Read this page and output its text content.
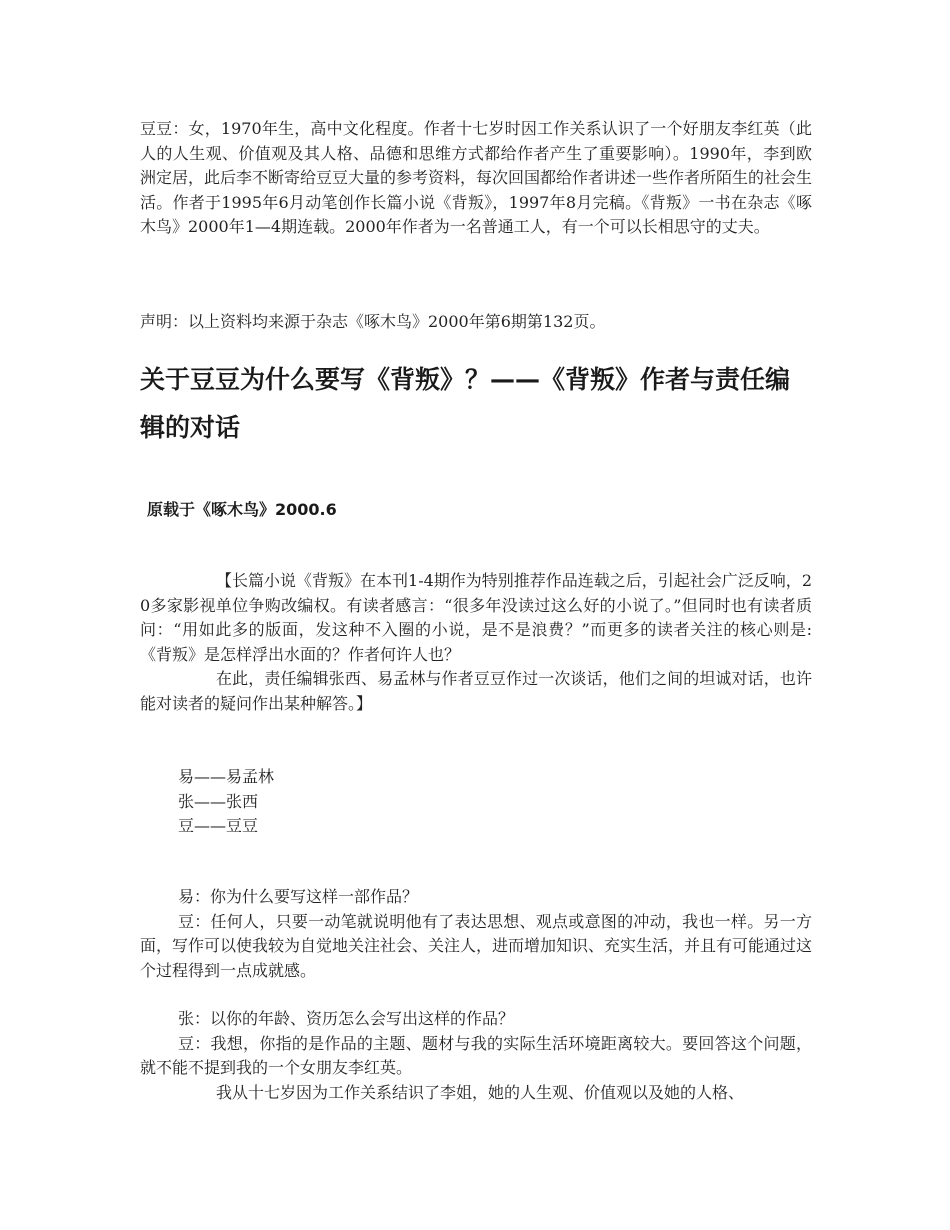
豆豆：女，1970年生，高中文化程度。作者十七岁时因工作关系认识了一个好朋友李红英（此人的人生观、价值观及其人格、品德和思维方式都给作者产生了重要影响）。1990年，李到欧洲定居，此后李不断寄给豆豆大量的参考资料，每次回国都给作者讲述一些作者所陌生的社会生活。作者于1995年6月动笔创作长篇小说《背叛》，1997年8月完稿。《背叛》一书在杂志《啄木鸟》2000年1—4期连载。2000年作者为一名普通工人，有一个可以长相思守的丈夫。

声明：以上资料均来源于杂志《啄木鸟》2000年第6期第132页。

关于豆豆为什么要写《背叛》？——《背叛》作者与责任编辑的对话

原载于《啄木鸟》2000.6

【长篇小说《背叛》在本刊1-4期作为特别推荐作品连载之后，引起社会广泛反响，20多家影视单位争购改编权。有读者感言：“很多年没读过这么好的小说了。”但同时也有读者质问：“用如此多的版面，发这种不入圈的小说，是不是浪费？”而更多的读者关注的核心则是:《背叛》是怎样浮出水面的？作者何许人也？

在此，责任编辑张西、易孟林与作者豆豆作过一次谈话，他们之间的坦诚对话，也许能对读者的疑问作出某种解答。】

易——易孟林

张——张西

豆——豆豆

易：你为什么要写这样一部作品？

豆：任何人，只要一动笔就说明他有了表达思想、观点或意图的冲动，我也一样。另一方面，写作可以使我较为自觉地关注社会、关注人，进而增加知识、充实生活，并且有可能通过这个过程得到一点成就感。

张：以你的年龄、资历怎么会写出这样的作品？

豆：我想，你指的是作品的主题、题材与我的实际生活环境距离较大。要回答这个问题，就不能不提到我的一个女朋友李红英。

我从十七岁因为工作关系结识了李姐，她的人生观、价值观以及她的人格、
